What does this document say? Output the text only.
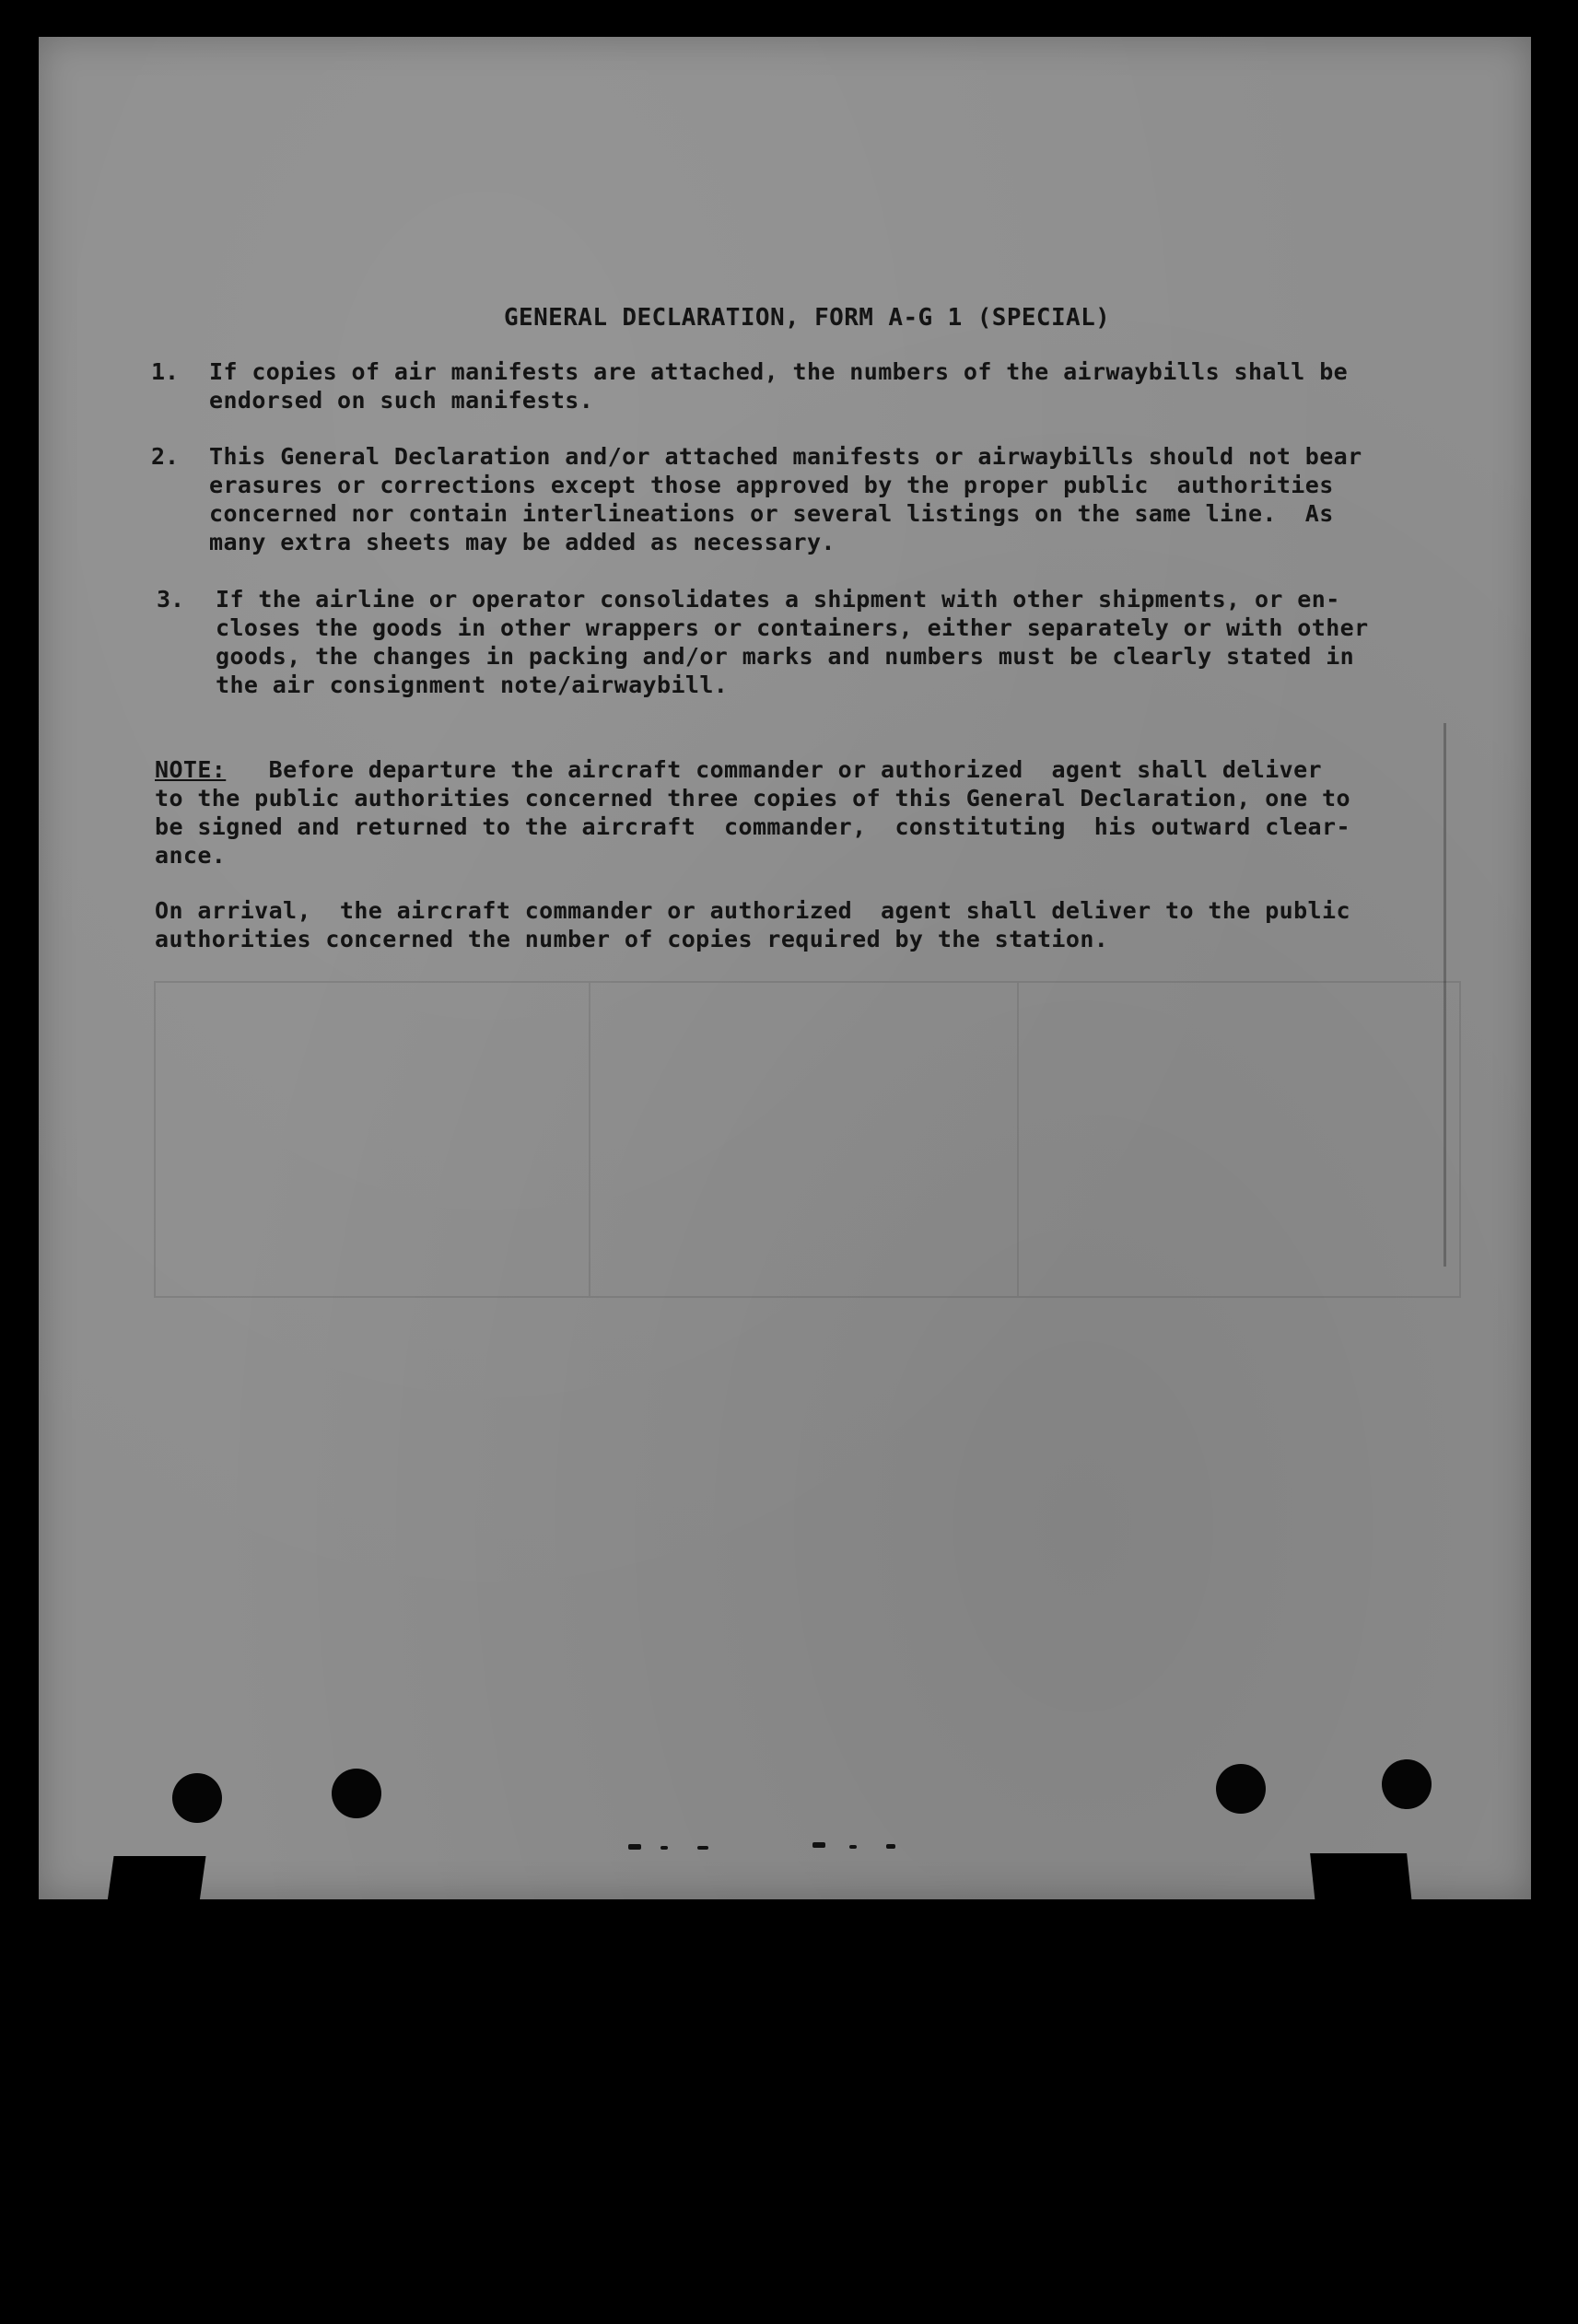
GENERAL DECLARATION, FORM A-G 1 (SPECIAL)
1. If copies of air manifests are attached, the numbers of the airwaybills shall be
endorsed on such manifests.
2. This General Declaration and/or attached manifests or airwaybills should not bear
erasures or corrections except those approved by the proper public  authorities
concerned nor contain interlineations or several listings on the same line.  As
many extra sheets may be added as necessary.
3. If the airline or operator consolidates a shipment with other shipments, or en-
closes the goods in other wrappers or containers, either separately or with other
goods, the changes in packing and/or marks and numbers must be clearly stated in
the air consignment note/airwaybill.
NOTE:   Before departure the aircraft commander or authorized  agent shall deliver
to the public authorities concerned three copies of this General Declaration, one to
be signed and returned to the aircraft  commander,  constituting  his outward clear-
ance.
On arrival,  the aircraft commander or authorized  agent shall deliver to the public
authorities concerned the number of copies required by the station.
